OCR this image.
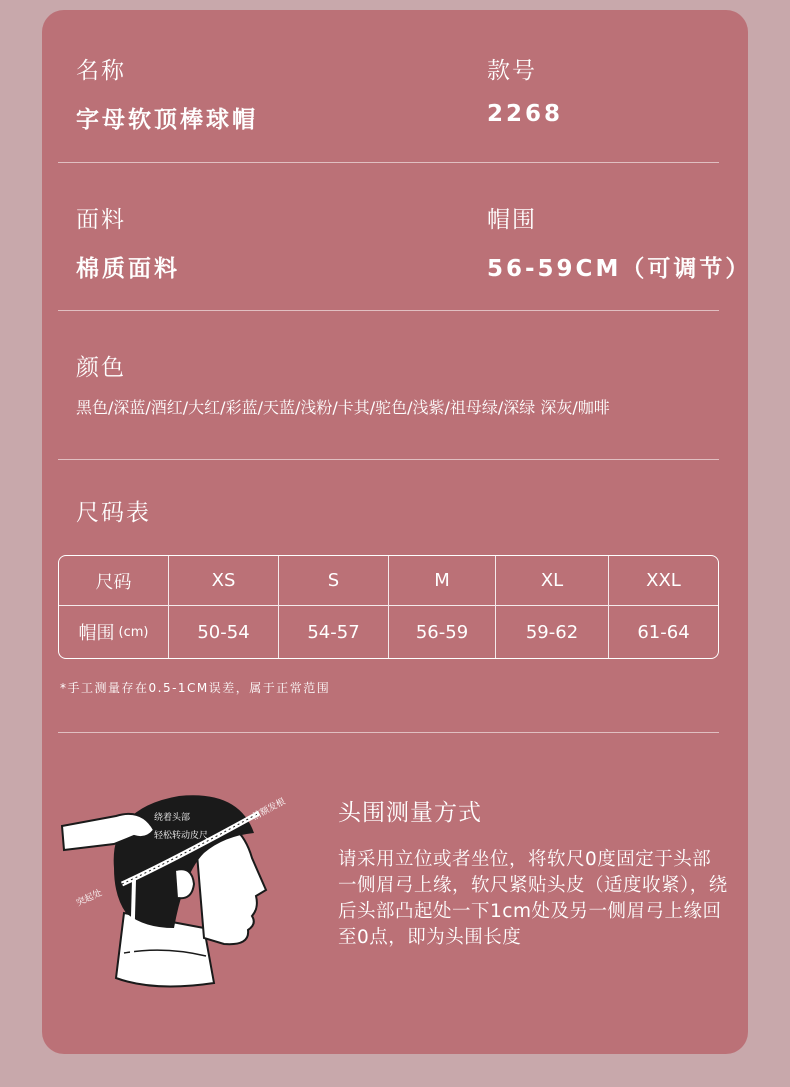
名称
字母软顶棒球帽
款号
2268
面料
棉质面料
帽围
56-59CM（可调节）
颜色
黑色/深蓝/酒红/大红/彩蓝/天蓝/浅粉/卡其/驼色/浅紫/祖母绿/深绿 深灰/咖啡
尺码表
尺码	XS	S	M	XL	XXL
帽围 (cm)	50-54	54-57	56-59	59-62	61-64
*手工测量存在0.5-1CM误差，属于正常范围
头围测量方式
请采用立位或者坐位，将软尺0度固定于头部一侧眉弓上缘，软尺紧贴头皮（适度收紧），绕后头部凸起处一下1cm处及另一侧眉弓上缘回至0点，即为头围长度
绕着头部
轻松转动皮尺
前额发根
突起处
